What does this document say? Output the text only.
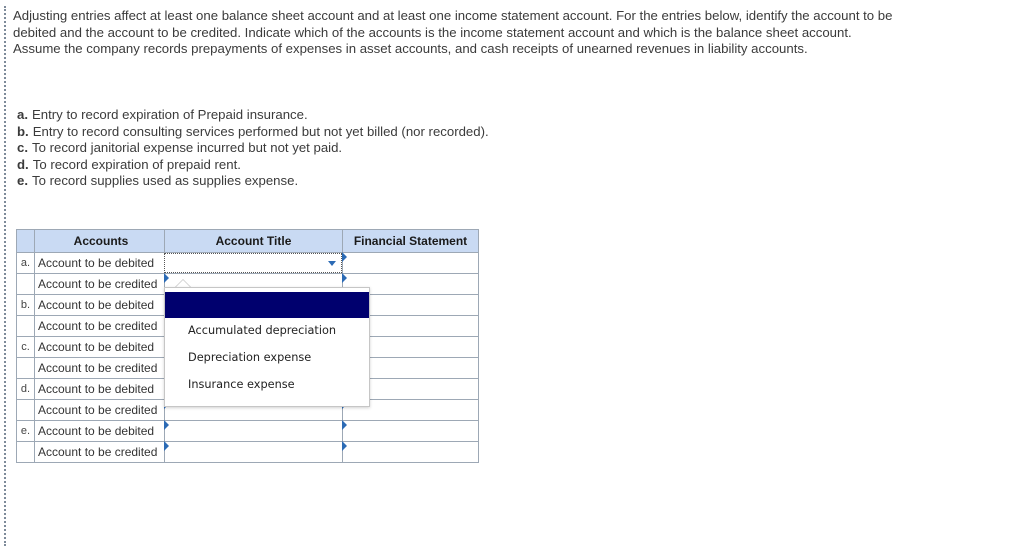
Adjusting entries affect at least one balance sheet account and at least one income statement account. For the entries below, identify the account to be debited and the account to be credited. Indicate which of the accounts is the income statement account and which is the balance sheet account. Assume the company records prepayments of expenses in asset accounts, and cash receipts of unearned revenues in liability accounts.
a. Entry to record expiration of Prepaid insurance.
b. Entry to record consulting services performed but not yet billed (nor recorded).
c. To record janitorial expense incurred but not yet paid.
d. To record expiration of prepaid rent.
e. To record supplies used as supplies expense.
	Accounts	Account Title	Financial Statement
a.	Account to be debited		

	Account to be credited	

b.	Account to be debited	

	Account to be credited	

c.	Account to be debited	

	Account to be credited	

d.	Account to be debited	

	Account to be credited	

e.	Account to be debited	

	Account to be credited	

Accumulated depreciation
Depreciation expense
Insurance expense
